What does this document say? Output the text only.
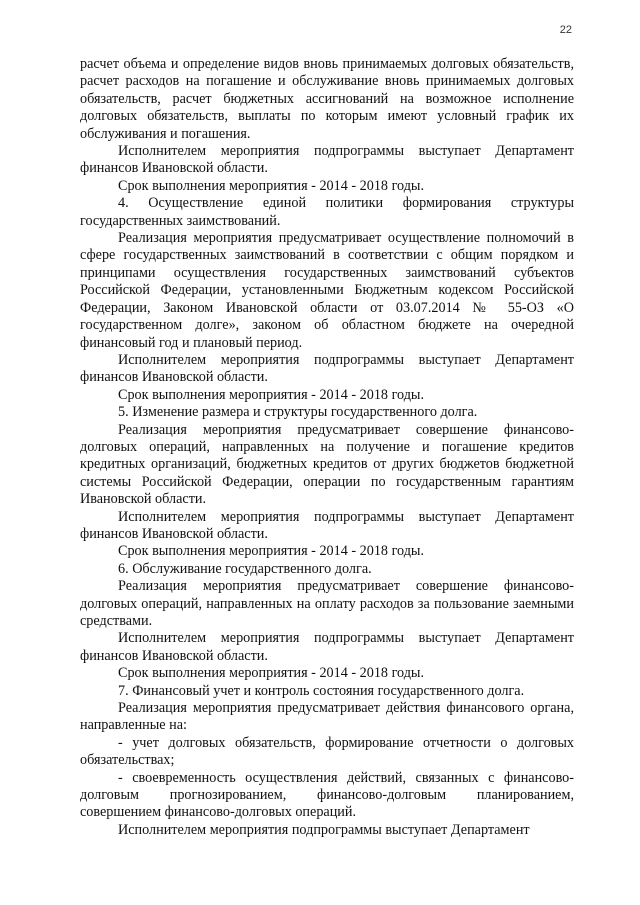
22

расчет объема и определение видов вновь принимаемых долговых обязательств, расчет расходов на погашение и обслуживание вновь принимаемых долговых обязательств, расчет бюджетных ассигнований на возможное исполнение долговых обязательств, выплаты по которым имеют условный график их обслуживания и погашения.

Исполнителем мероприятия подпрограммы выступает Департамент финансов Ивановской области.

Срок выполнения мероприятия - 2014 - 2018 годы.

4. Осуществление единой политики формирования структуры государственных заимствований.

Реализация мероприятия предусматривает осуществление полномочий в сфере государственных заимствований в соответствии с общим порядком и принципами осуществления государственных заимствований субъектов Российской Федерации, установленными Бюджетным кодексом Российской Федерации, Законом Ивановской области от 03.07.2014 № 55-ОЗ «О государственном долге», законом об областном бюджете на очередной финансовый год и плановый период.

Исполнителем мероприятия подпрограммы выступает Департамент финансов Ивановской области.

Срок выполнения мероприятия - 2014 - 2018 годы.

5. Изменение размера и структуры государственного долга.

Реализация мероприятия предусматривает совершение финансово-долговых операций, направленных на получение и погашение кредитов кредитных организаций, бюджетных кредитов от других бюджетов бюджетной системы Российской Федерации, операции по государственным гарантиям Ивановской области.

Исполнителем мероприятия подпрограммы выступает Департамент финансов Ивановской области.

Срок выполнения мероприятия - 2014 - 2018 годы.

6. Обслуживание государственного долга.

Реализация мероприятия предусматривает совершение финансово-долговых операций, направленных на оплату расходов за пользование заемными средствами.

Исполнителем мероприятия подпрограммы выступает Департамент финансов Ивановской области.

Срок выполнения мероприятия - 2014 - 2018 годы.

7. Финансовый учет и контроль состояния государственного долга.

Реализация мероприятия предусматривает действия финансового органа, направленные на:

- учет долговых обязательств, формирование отчетности о долговых обязательствах;

- своевременность осуществления действий, связанных с финансово-долговым прогнозированием, финансово-долговым планированием, совершением финансово-долговых операций.

Исполнителем мероприятия подпрограммы выступает Департамент
